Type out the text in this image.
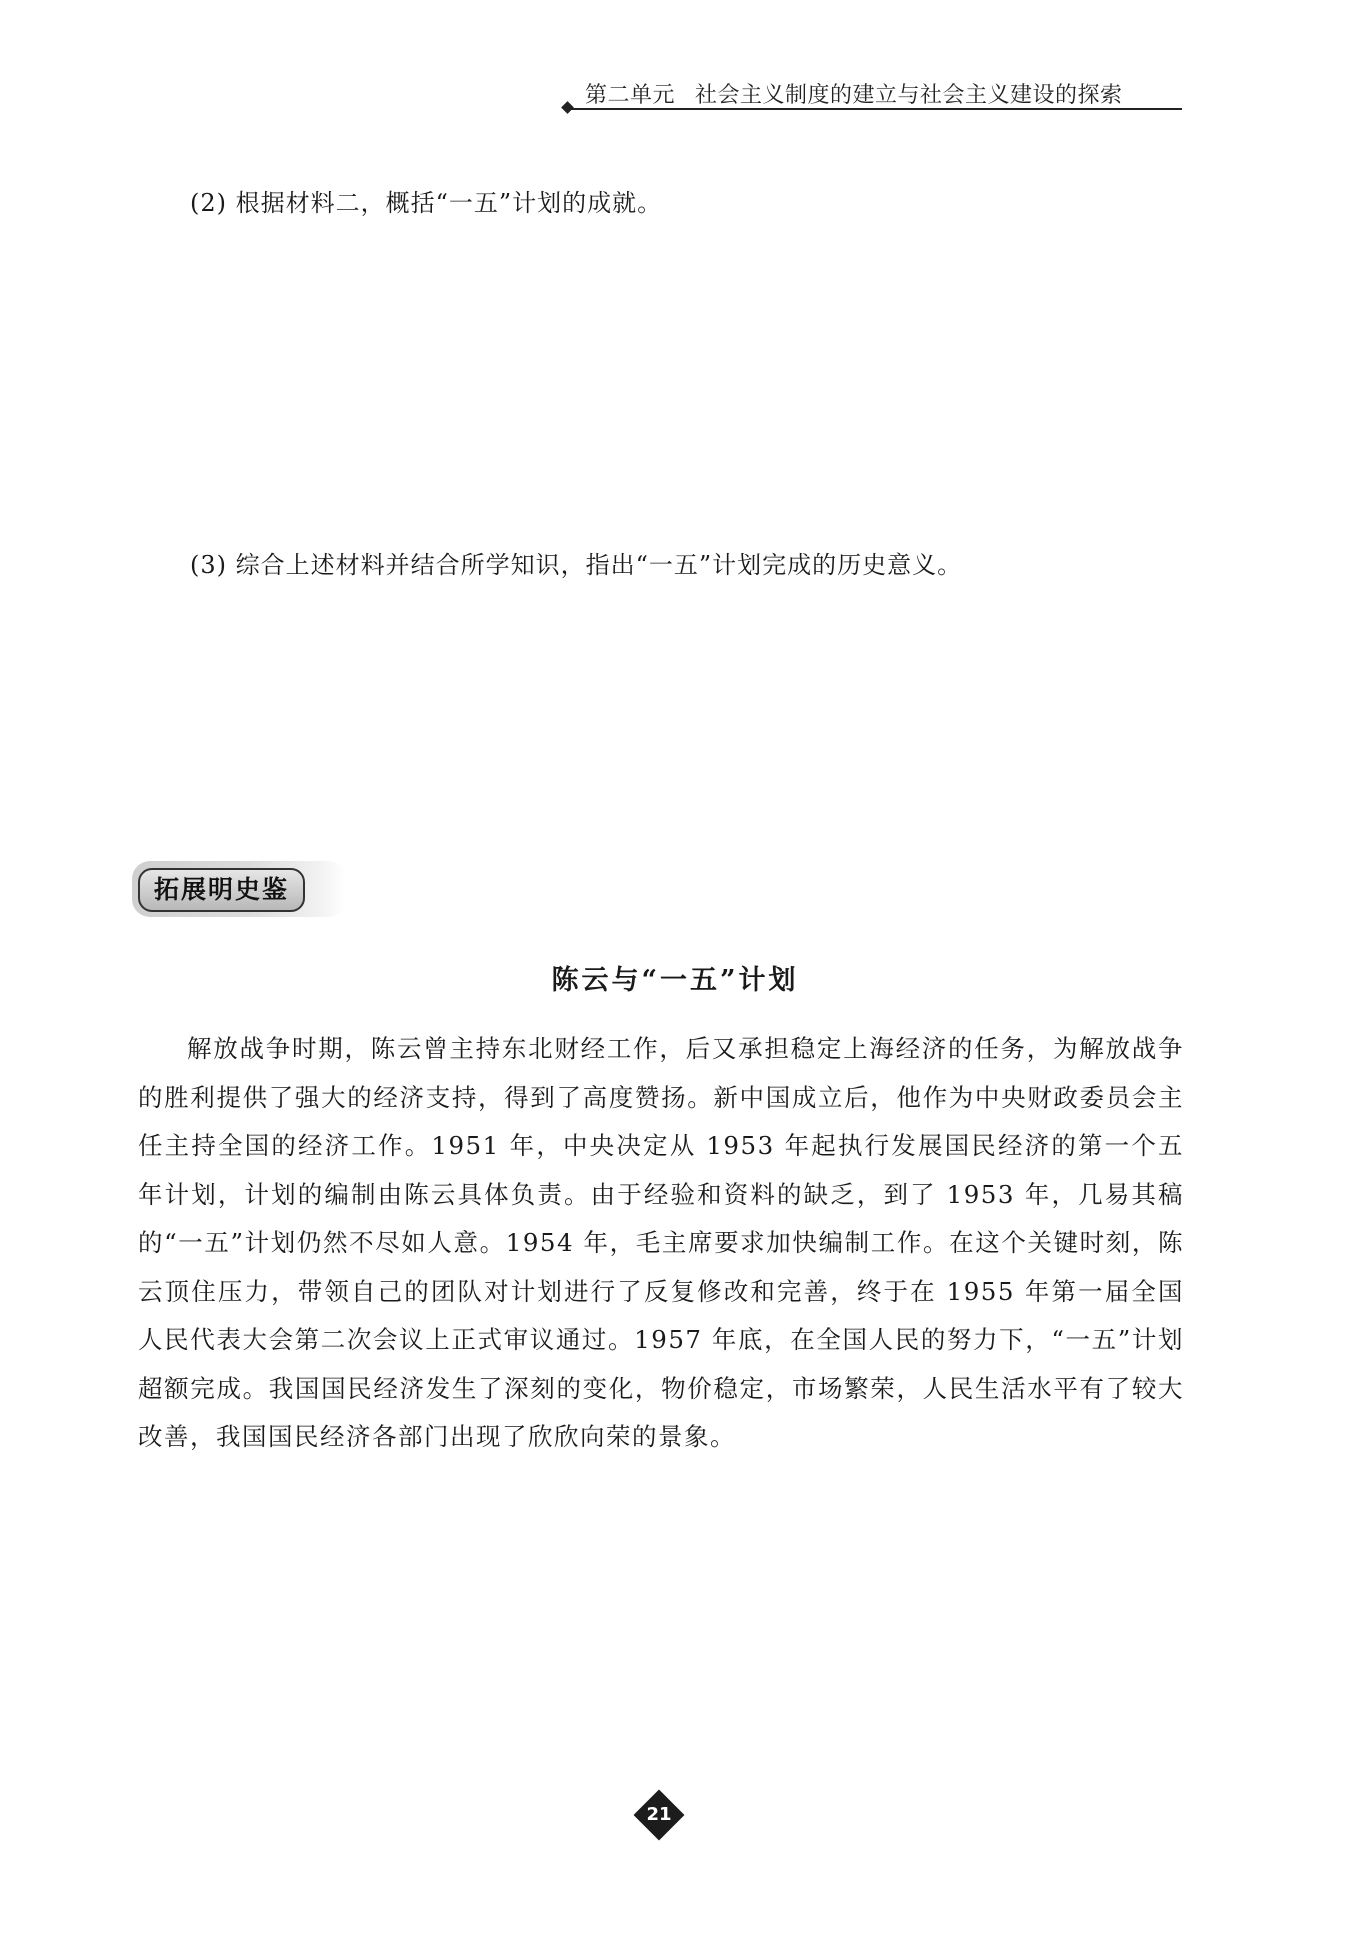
第二单元 社会主义制度的建立与社会主义建设的探索
(2) 根据材料二，概括“一五”计划的成就。
(3) 综合上述材料并结合所学知识，指出“一五”计划完成的历史意义。
拓展明史鉴
陈云与“一五”计划

解放战争时期，陈云曾主持东北财经工作，后又承担稳定上海经济的任务，为解放战争的胜利提供了强大的经济支持，得到了高度赞扬。新中国成立后，他作为中央财政委员会主任主持全国的经济工作。1951 年，中央决定从 1953 年起执行发展国民经济的第一个五年计划，计划的编制由陈云具体负责。由于经验和资料的缺乏，到了 1953 年，几易其稿的“一五”计划仍然不尽如人意。1954 年，毛主席要求加快编制工作。在这个关键时刻，陈云顶住压力，带领自己的团队对计划进行了反复修改和完善，终于在 1955 年第一届全国人民代表大会第二次会议上正式审议通过。1957 年底，在全国人民的努力下，“一五”计划超额完成。我国国民经济发生了深刻的变化，物价稳定，市场繁荣，人民生活水平有了较大改善，我国国民经济各部门出现了欣欣向荣的景象。

21
